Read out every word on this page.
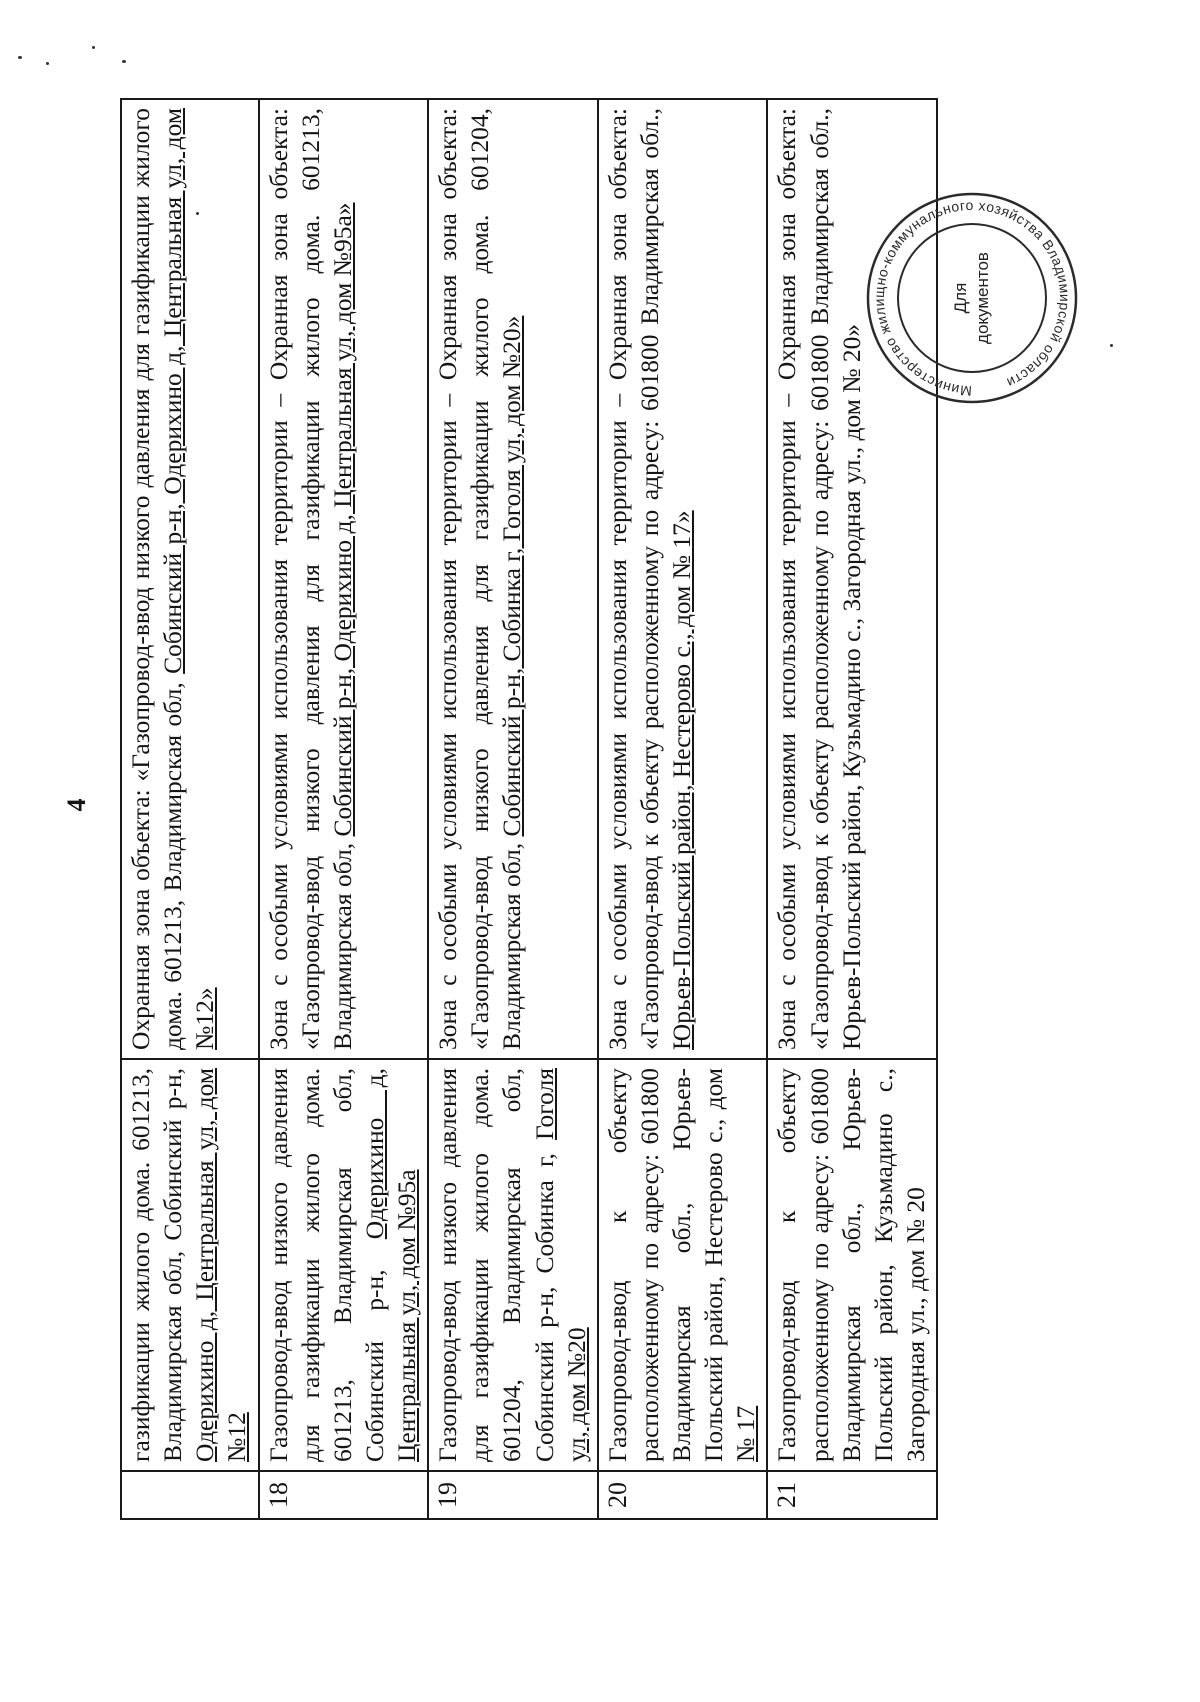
4
	газификации жилого дома. 601213, Владимирская обл, Собинский р-н, Одерихино д, Центральная ул, дом №12	Охранная зона объекта: «Газопровод-ввод низкого давления для газификации жилого дома. 601213, Владимирская обл, Собинский р-н, Одерихино д, Центральная ул, дом №12»
18	Газопровод-ввод низкого давления для газификации жилого дома. 601213, Владимирская обл, Собинский р-н, Одерихино д, Центральная ул, дом №95а	Зона с особыми условиями использования территории – Охранная зона объекта: «Газопровод-ввод низкого давления для газификации жилого дома. 601213, Владимирская обл, Собинский р-н, Одерихино д, Центральная ул, дом №95а»
19	Газопровод-ввод низкого давления для газификации жилого дома. 601204, Владимирская обл, Собинский р-н, Собинка г, Гоголя ул, дом №20	Зона с особыми условиями использования территории – Охранная зона объекта: «Газопровод-ввод низкого давления для газификации жилого дома. 601204, Владимирская обл, Собинский р-н, Собинка г, Гоголя ул, дом №20»
20	Газопровод-ввод к объекту расположенному по адресу: 601800 Владимирская обл., Юрьев-Польский район, Нестерово с., дом № 17	Зона с особыми условиями использования территории – Охранная зона объекта: «Газопровод-ввод к объекту расположенному по адресу: 601800 Владимирская обл., Юрьев-Польский район, Нестерово с., дом № 17»
21	Газопровод-ввод к объекту расположенному по адресу: 601800 Владимирская обл., Юрьев-Польский район, Кузьмадино с., Загородная ул., дом № 20	Зона с особыми условиями использования территории – Охранная зона объекта: «Газопровод-ввод к объекту расположенному по адресу: 601800 Владимирская обл., Юрьев-Польский район, Кузьмадино с., Загородная ул., дом № 20»	Министерство жилищно-коммунального хозяйства Владимирской области
Для документов
